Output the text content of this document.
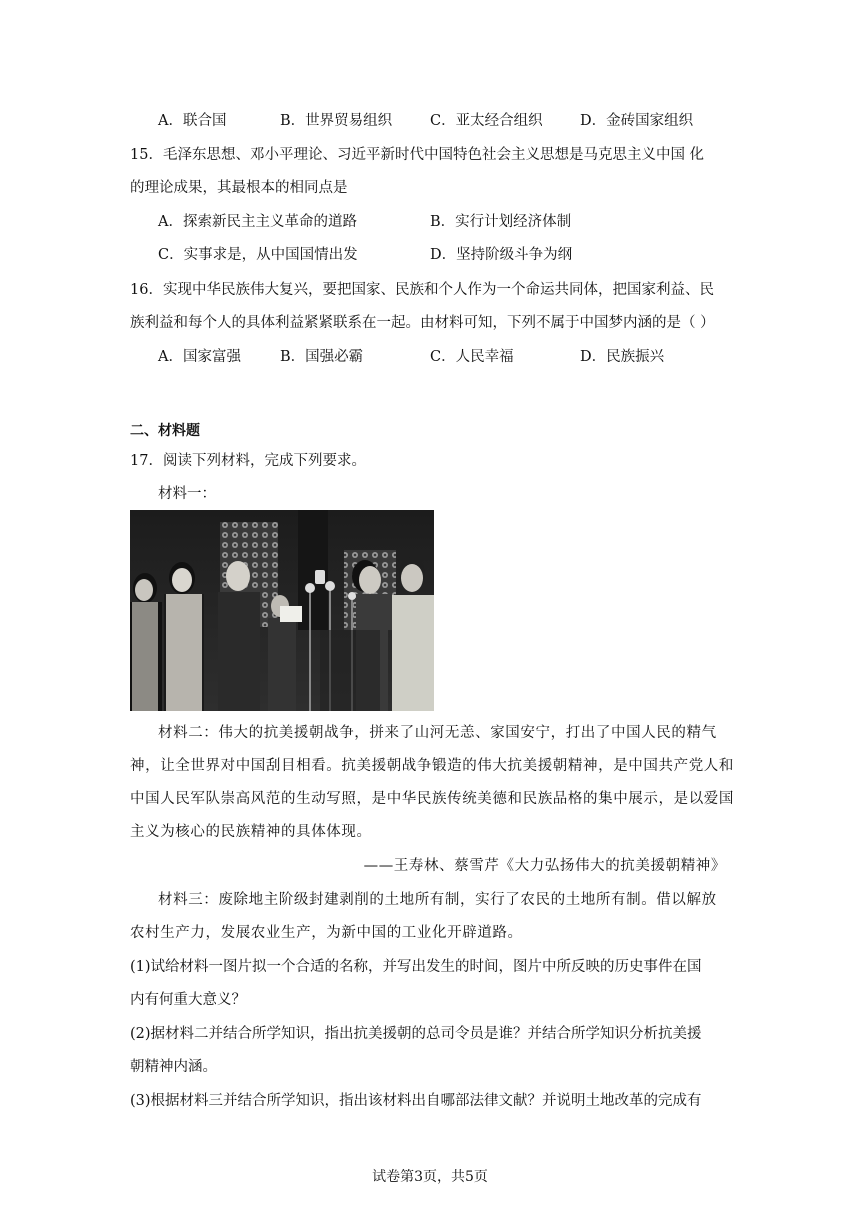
A．联合国	B．世界贸易组织	C．亚太经合组织	D．金砖国家组织
15．毛泽东思想、邓小平理论、习近平新时代中国特色社会主义思想是马克思主义中国 化
的理论成果，其最根本的相同点是
A．探索新民主主义革命的道路	B．实行计划经济体制
C．实事求是，从中国国情出发	D．坚持阶级斗争为纲
16．实现中华民族伟大复兴，要把国家、民族和个人作为一个命运共同体，把国家利益、民
族利益和每个人的具体利益紧紧联系在一起。由材料可知，下列不属于中国梦内涵的是（ ）
A．国家富强	B．国强必霸	C．人民幸福	D．民族振兴
二、材料题
17．阅读下列材料，完成下列要求。
材料一：
材料二：伟大的抗美援朝战争，拼来了山河无恙、家国安宁，打出了中国人民的精气
神，让全世界对中国刮目相看。抗美援朝战争锻造的伟大抗美援朝精神，是中国共产党人和
中国人民军队崇高风范的生动写照，是中华民族传统美德和民族品格的集中展示，是以爱国
主义为核心的民族精神的具体体现。
——王寿林、蔡雪芹《大力弘扬伟大的抗美援朝精神》
材料三：废除地主阶级封建剥削的土地所有制，实行了农民的土地所有制。借以解放
农村生产力，发展农业生产，为新中国的工业化开辟道路。
(1)试给材料一图片拟一个合适的名称，并写出发生的时间，图片中所反映的历史事件在国
内有何重大意义？
(2)据材料二并结合所学知识，指出抗美援朝的总司令员是谁？并结合所学知识分析抗美援
朝精神内涵。
(3)根据材料三并结合所学知识，指出该材料出自哪部法律文献？并说明土地改革的完成有
试卷第3页，共5页
